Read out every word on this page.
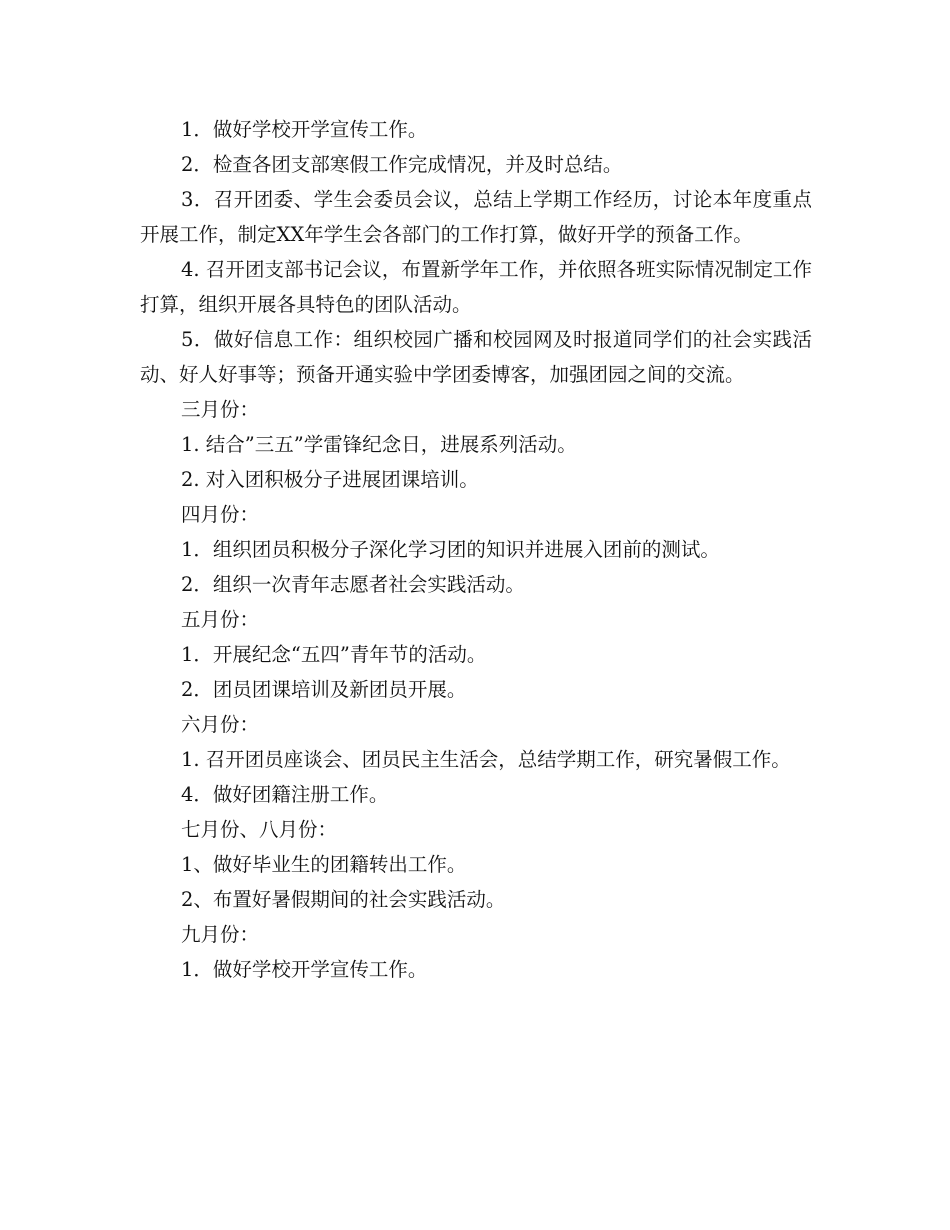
1．做好学校开学宣传工作。

2．检查各团支部寒假工作完成情况，并及时总结。

3．召开团委、学生会委员会议，总结上学期工作经历，讨论本年度重点开展工作，制定XX年学生会各部门的工作打算，做好开学的预备工作。

4. 召开团支部书记会议，布置新学年工作，并依照各班实际情况制定工作打算，组织开展各具特色的团队活动。

5．做好信息工作：组织校园广播和校园网及时报道同学们的社会实践活动、好人好事等；预备开通实验中学团委博客，加强团园之间的交流。

三月份：

1. 结合”三五”学雷锋纪念日，进展系列活动。

2. 对入团积极分子进展团课培训。

四月份：

1．组织团员积极分子深化学习团的知识并进展入团前的测试。

2．组织一次青年志愿者社会实践活动。

五月份：

1．开展纪念“五四”青年节的活动。

2．团员团课培训及新团员开展。

六月份：

1. 召开团员座谈会、团员民主生活会，总结学期工作，研究暑假工作。

4．做好团籍注册工作。

七月份、八月份：

1、做好毕业生的团籍转出工作。

2、布置好暑假期间的社会实践活动。

九月份：

1．做好学校开学宣传工作。
